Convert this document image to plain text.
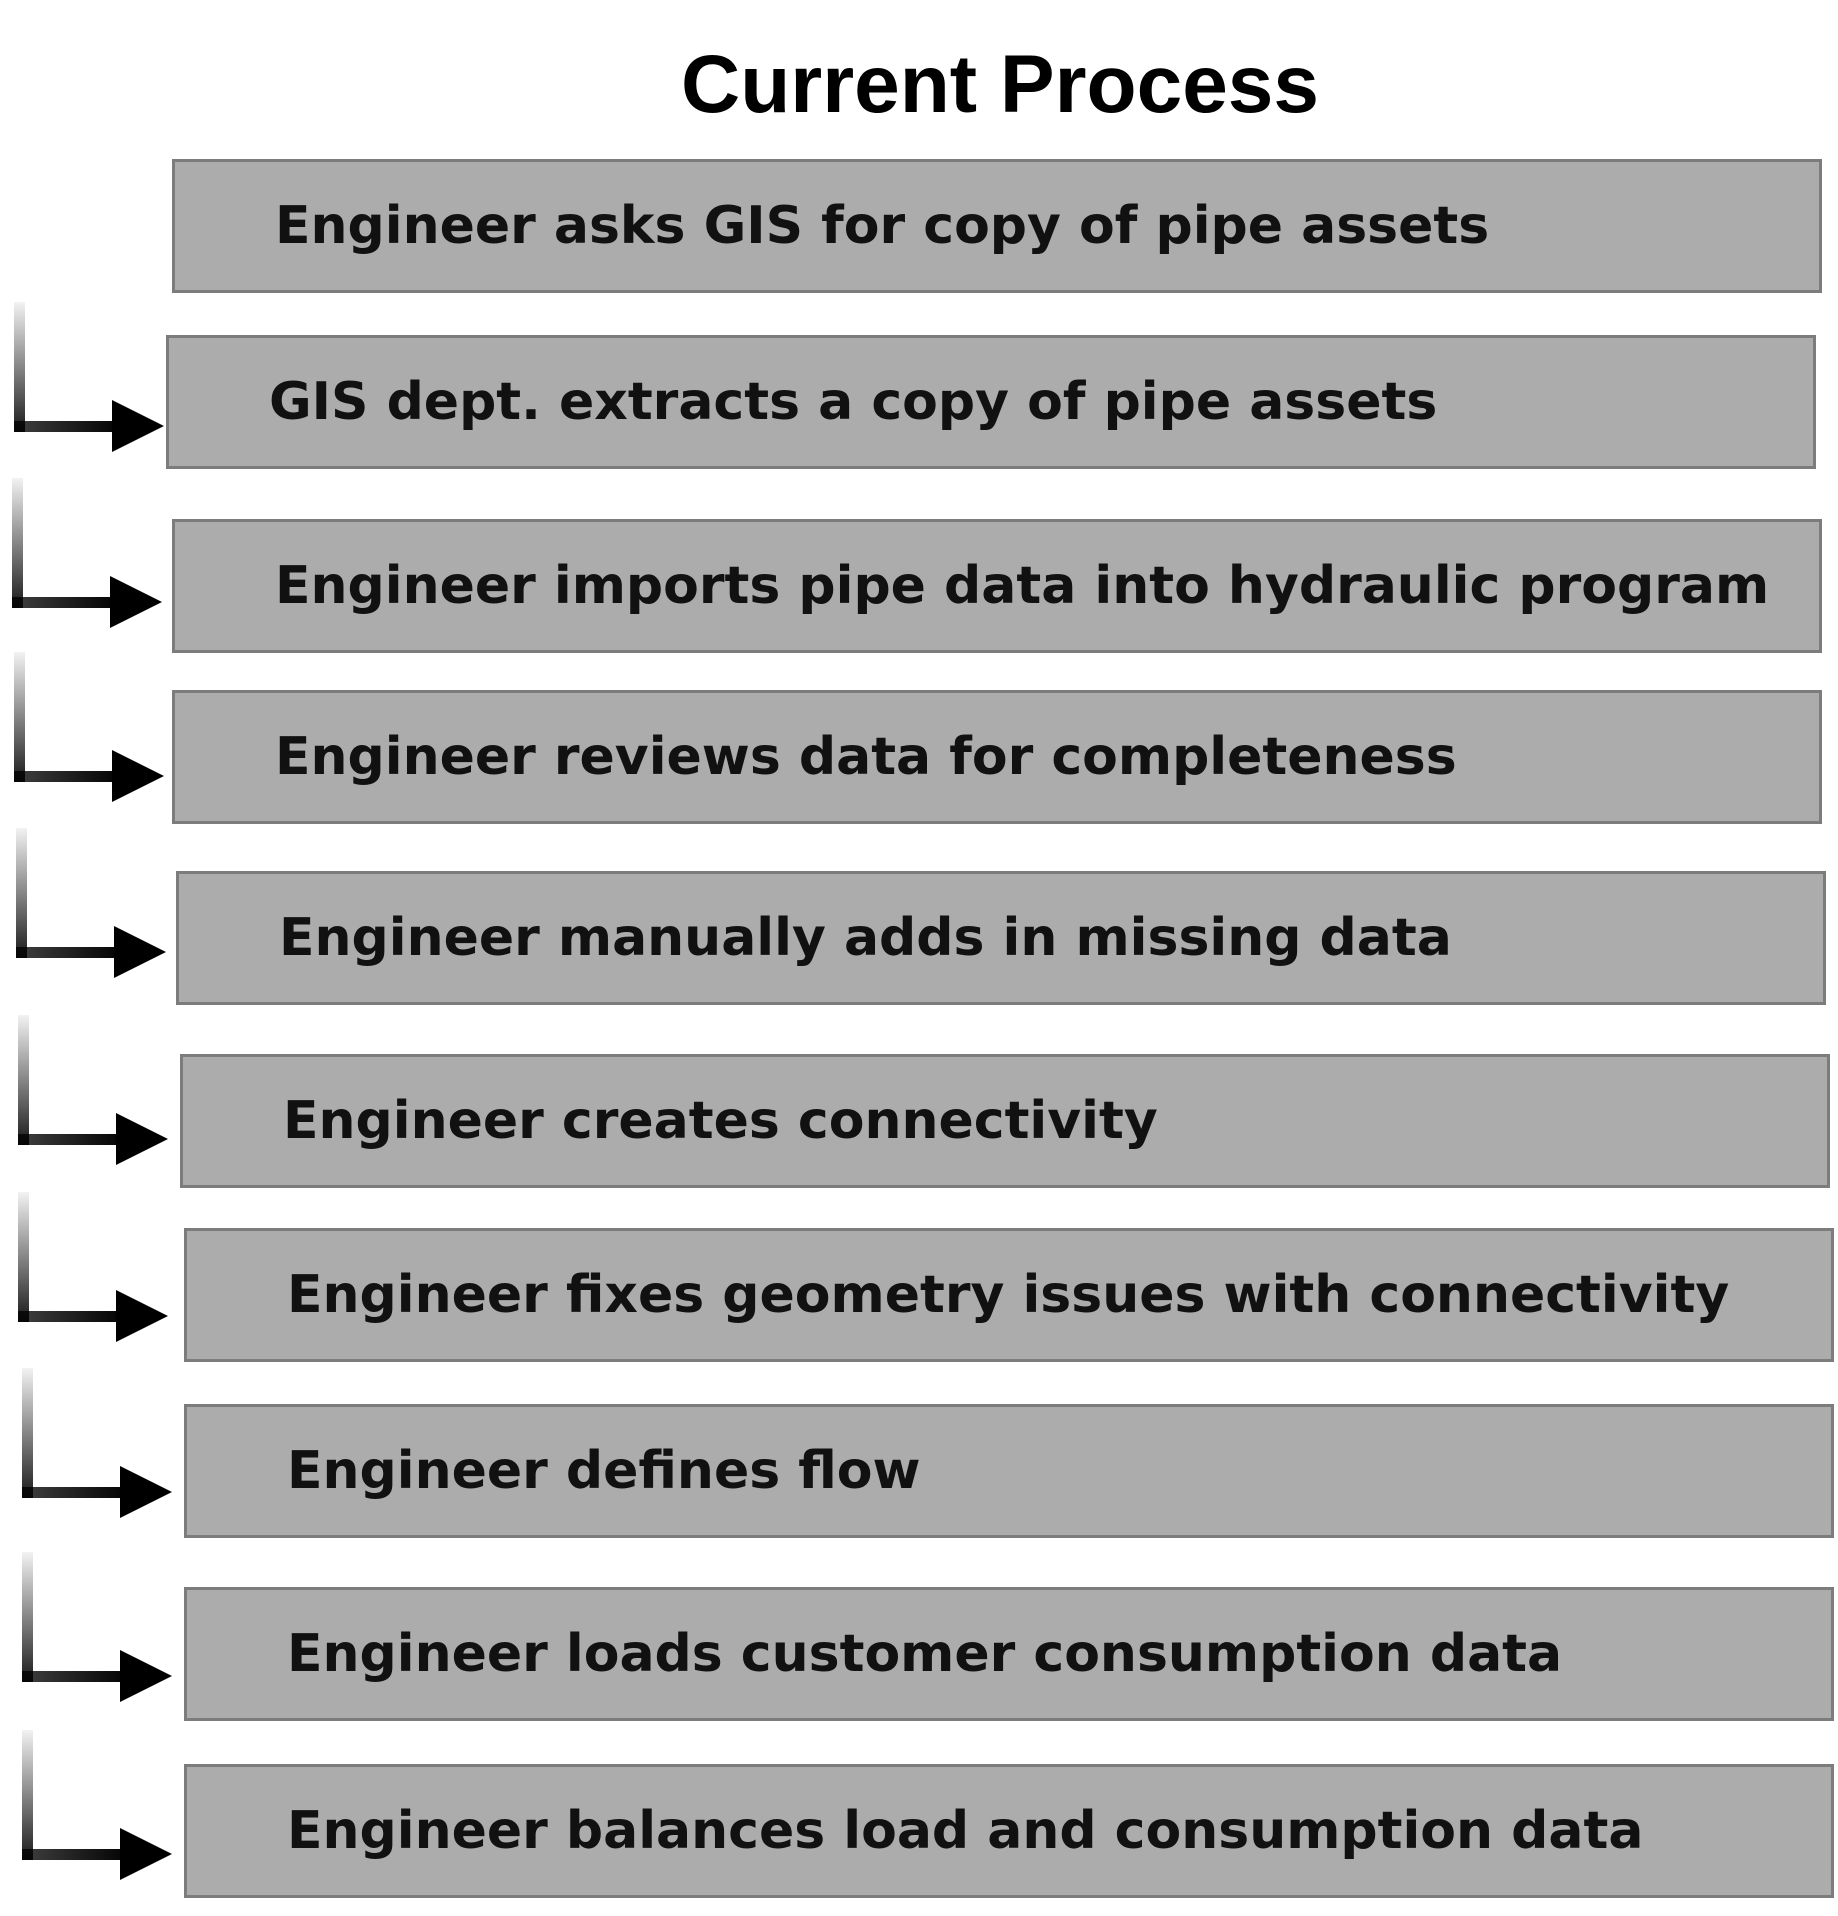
Current Process
Engineer asks GIS for copy of pipe assets
GIS dept. extracts a copy of pipe assets
Engineer imports pipe data into hydraulic program
Engineer reviews data for completeness
Engineer manually adds in missing data
Engineer creates connectivity
Engineer fixes geometry issues with connectivity
Engineer defines flow
Engineer loads customer consumption data
Engineer balances load and consumption data
